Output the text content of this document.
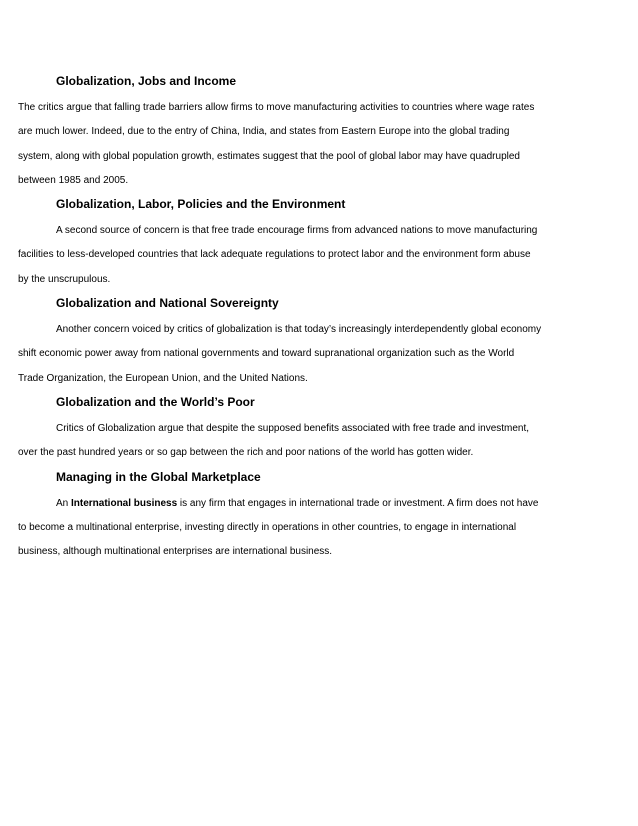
Globalization, Jobs and Income

The critics argue that falling trade barriers allow firms to move manufacturing activities to countries where wage rates are much lower. Indeed, due to the entry of China, India, and states from Eastern Europe into the global trading system, along with global population growth, estimates suggest that the pool of global labor may have quadrupled between 1985 and 2005.

Globalization, Labor, Policies and the Environment

A second source of concern is that free trade encourage firms from advanced nations to move manufacturing facilities to less-developed countries that lack adequate regulations to protect labor and the environment form abuse by the unscrupulous.

Globalization and National Sovereignty

Another concern voiced by critics of globalization is that today’s increasingly interdependently global economy shift economic power away from national governments and toward supranational organization such as the World Trade Organization, the European Union, and the United Nations.

Globalization and the World’s Poor

Critics of Globalization argue that despite the supposed benefits associated with free trade and investment, over the past hundred years or so gap between the rich and poor nations of the world has gotten wider.

Managing in the Global Marketplace

An International business is any firm that engages in international trade or investment. A firm does not have to become a multinational enterprise, investing directly in operations in other countries, to engage in international business, although multinational enterprises are international business.
